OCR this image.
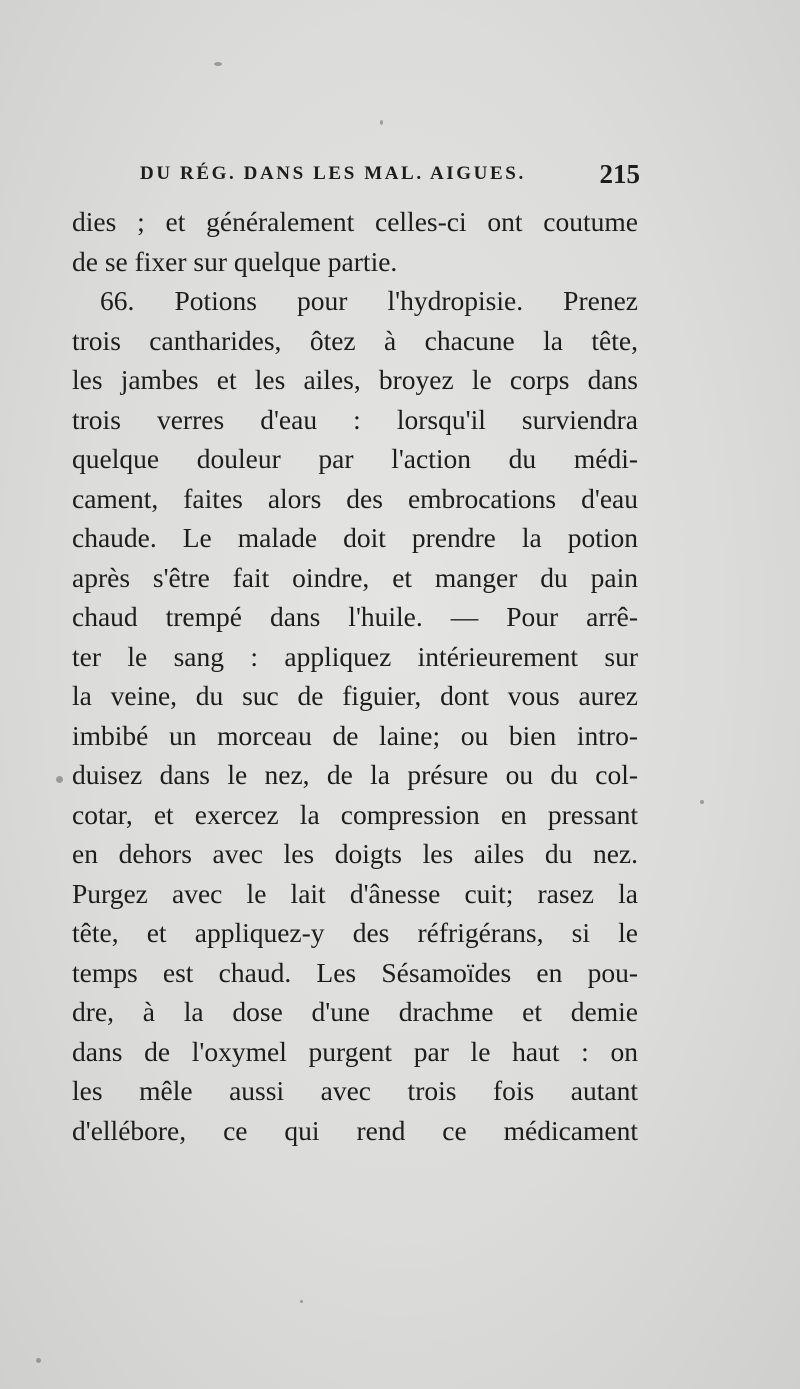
DU RÉG. DANS LES MAL. AIGUES.	215
dies ; et généralement celles-ci ont coutume
de se fixer sur quelque partie.
66. Potions pour l'hydropisie. Prenez
trois cantharides, ôtez à chacune la tête,
les jambes et les ailes, broyez le corps dans
trois verres d'eau : lorsqu'il surviendra
quelque douleur par l'action du médi-
cament, faites alors des embrocations d'eau
chaude. Le malade doit prendre la potion
après s'être fait oindre, et manger du pain
chaud trempé dans l'huile. — Pour arrê-
ter le sang : appliquez intérieurement sur
la veine, du suc de figuier, dont vous aurez
imbibé un morceau de laine; ou bien intro-
duisez dans le nez, de la présure ou du col-
cotar, et exercez la compression en pressant
en dehors avec les doigts les ailes du nez.
Purgez avec le lait d'ânesse cuit; rasez la
tête, et appliquez-y des réfrigérans, si le
temps est chaud. Les Sésamoïdes en pou-
dre, à la dose d'une drachme et demie
dans de l'oxymel purgent par le haut : on
les mêle aussi avec trois fois autant
d'ellébore, ce qui rend ce médicament
